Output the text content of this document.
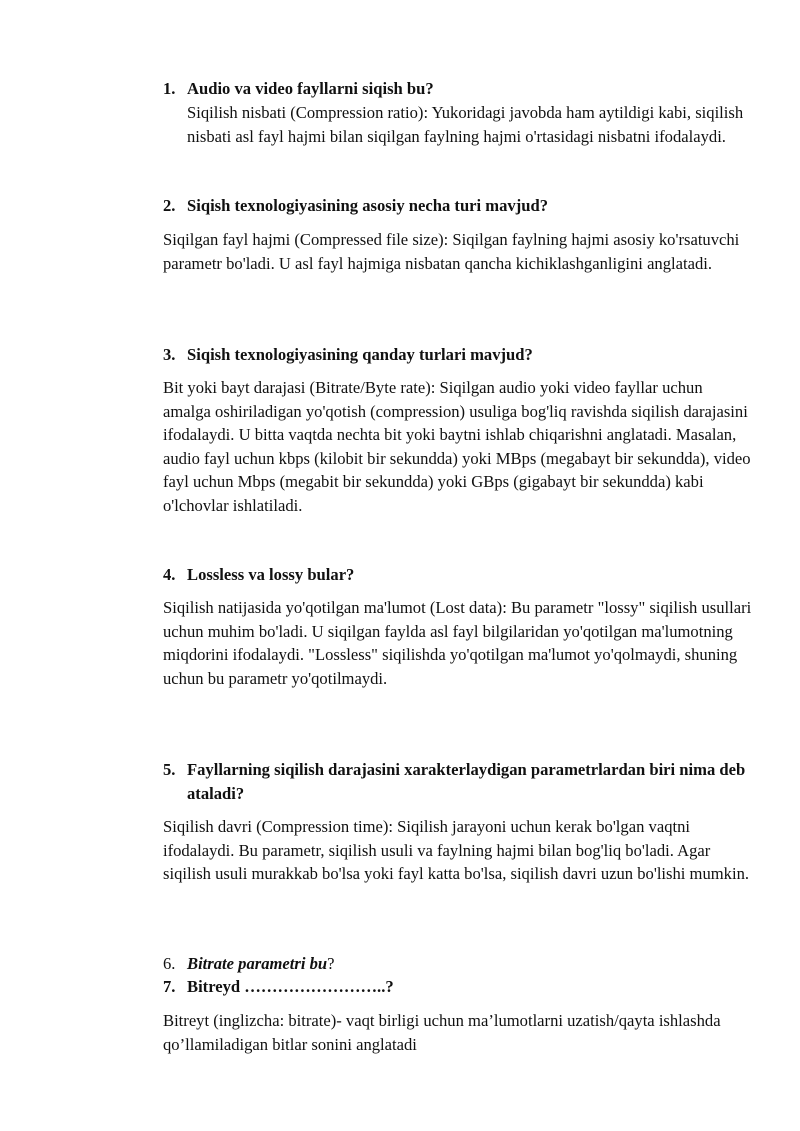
1. Audio va video fayllarni siqish bu?
Siqilish nisbati (Compression ratio): Yukoridagi javobda ham aytildigi kabi, siqilish nisbati asl fayl hajmi bilan siqilgan faylning hajmi o'rtasidagi nisbatni ifodalaydi.
2. Siqish texnologiyasining asosiy necha turi mavjud?
Siqilgan fayl hajmi (Compressed file size): Siqilgan faylning hajmi asosiy ko'rsatuvchi parametr bo'ladi. U asl fayl hajmiga nisbatan qancha kichiklashganligini anglatadi.
3. Siqish texnologiyasining qanday turlari mavjud?
Bit yoki bayt darajasi (Bitrate/Byte rate): Siqilgan audio yoki video fayllar uchun amalga oshiriladigan yo'qotish (compression) usuliga bog'liq ravishda siqilish darajasini ifodalaydi. U bitta vaqtda nechta bit yoki baytni ishlab chiqarishni anglatadi. Masalan, audio fayl uchun kbps (kilobit bir sekundda) yoki MBps (megabayt bir sekundda), video fayl uchun Mbps (megabit bir sekundda) yoki GBps (gigabayt bir sekundda) kabi o'lchovlar ishlatiladi.
4. Lossless va lossy bular?
Siqilish natijasida yo'qotilgan ma'lumot (Lost data): Bu parametr "lossy" siqilish usullari uchun muhim bo'ladi. U siqilgan faylda asl fayl bilgilaridan yo'qotilgan ma'lumotning miqdorini ifodalaydi. "Lossless" siqilishda yo'qotilgan ma'lumot yo'qolmaydi, shuning uchun bu parametr yo'qotilmaydi.
5. Fayllarning siqilish darajasini xarakterlaydigan parametrlardan biri nima deb ataladi?
Siqilish davri (Compression time): Siqilish jarayoni uchun kerak bo'lgan vaqtni ifodalaydi. Bu parametr, siqilish usuli va faylning hajmi bilan bog'liq bo'ladi. Agar siqilish usuli murakkab bo'lsa yoki fayl katta bo'lsa, siqilish davri uzun bo'lishi mumkin.
6. Bitrate parametri bu?
7. Bitreyd ……………………..?
Bitreyt (inglizcha: bitrate)- vaqt birligi uchun ma’lumotlarni uzatish/qayta ishlashda qo’llamiladigan bitlar sonini anglatadi
